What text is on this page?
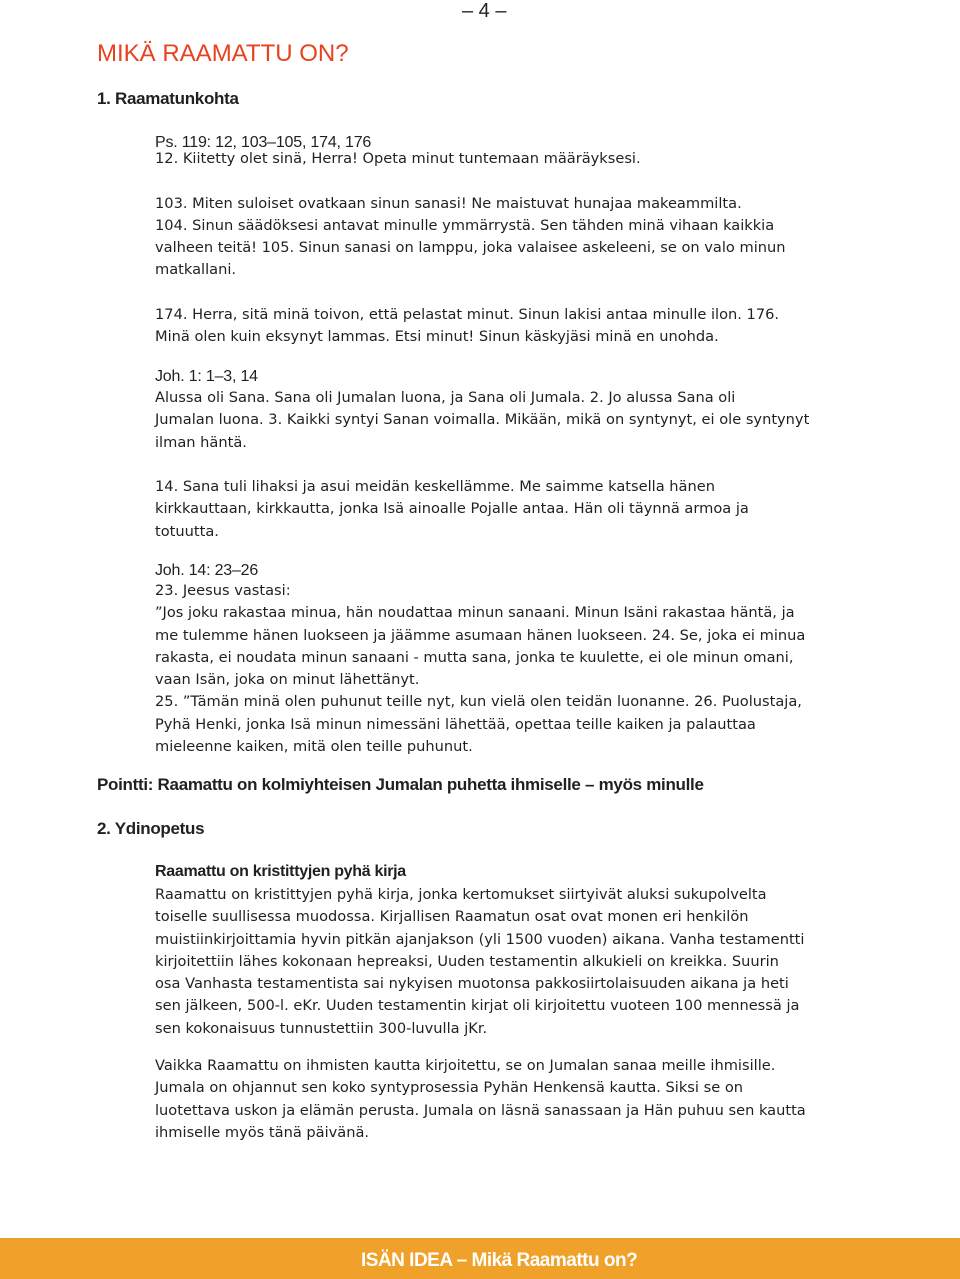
– 4 –
MIKÄ RAAMATTU ON?
1. Raamatunkohta
Ps. 119: 12, 103–105, 174, 176
12. Kiitetty olet sinä, Herra! Opeta minut tuntemaan määräyksesi.

103. Miten suloiset ovatkaan sinun sanasi! Ne maistuvat hunajaa makeammilta.
104. Sinun säädöksesi antavat minulle ymmärrystä. Sen tähden minä vihaan kaikkia
valheen teitä! 105. Sinun sanasi on lamppu, joka valaisee askeleeni, se on valo minun
matkallani.

174. Herra, sitä minä toivon, että pelastat minut. Sinun lakisi antaa minulle ilon. 176.
Minä olen kuin eksynyt lammas. Etsi minut! Sinun käskyjäsi minä en unohda.
Joh. 1: 1–3, 14
Alussa oli Sana. Sana oli Jumalan luona, ja Sana oli Jumala. 2. Jo alussa Sana oli
Jumalan luona. 3. Kaikki syntyi Sanan voimalla. Mikään, mikä on syntynyt, ei ole syntynyt
ilman häntä.

14. Sana tuli lihaksi ja asui meidän keskellämme. Me saimme katsella hänen
kirkkauttaan, kirkkautta, jonka Isä ainoalle Pojalle antaa. Hän oli täynnä armoa ja
totuutta.
Joh. 14: 23–26
23. Jeesus vastasi:
”Jos joku rakastaa minua, hän noudattaa minun sanaani. Minun Isäni rakastaa häntä, ja
me tulemme hänen luokseen ja jäämme asumaan hänen luokseen. 24. Se, joka ei minua
rakasta, ei noudata minun sanaani - mutta sana, jonka te kuulette, ei ole minun omani,
vaan Isän, joka on minut lähettänyt.
25. ”Tämän minä olen puhunut teille nyt, kun vielä olen teidän luonanne. 26. Puolustaja,
Pyhä Henki, jonka Isä minun nimessäni lähettää, opettaa teille kaiken ja palauttaa
mieleenne kaiken, mitä olen teille puhunut.
Pointti: Raamattu on kolmiyhteisen Jumalan puhetta ihmiselle – myös minulle
2. Ydinopetus
Raamattu on kristittyjen pyhä kirja
Raamattu on kristittyjen pyhä kirja, jonka kertomukset siirtyivät aluksi sukupolvelta
toiselle suullisessa muodossa. Kirjallisen Raamatun osat ovat monen eri henkilön
muistiinkirjoittamia hyvin pitkän ajanjakson (yli 1500 vuoden) aikana. Vanha testamentti
kirjoitettiin lähes kokonaan hepreaksi, Uuden testamentin alkukieli on kreikka. Suurin
osa Vanhasta testamentista sai nykyisen muotonsa pakkosiirtolaisuuden aikana ja heti
sen jälkeen, 500-l. eKr. Uuden testamentin kirjat oli kirjoitettu vuoteen 100 mennessä ja
sen kokonaisuus tunnustettiin 300-luvulla jKr.
Vaikka Raamattu on ihmisten kautta kirjoitettu, se on Jumalan sanaa meille ihmisille.
Jumala on ohjannut sen koko syntyprosessia Pyhän Henkensä kautta. Siksi se on
luotettava uskon ja elämän perusta. Jumala on läsnä sanassaan ja Hän puhuu sen kautta
ihmiselle myös tänä päivänä.
ISÄN IDEA – Mikä Raamattu on?
